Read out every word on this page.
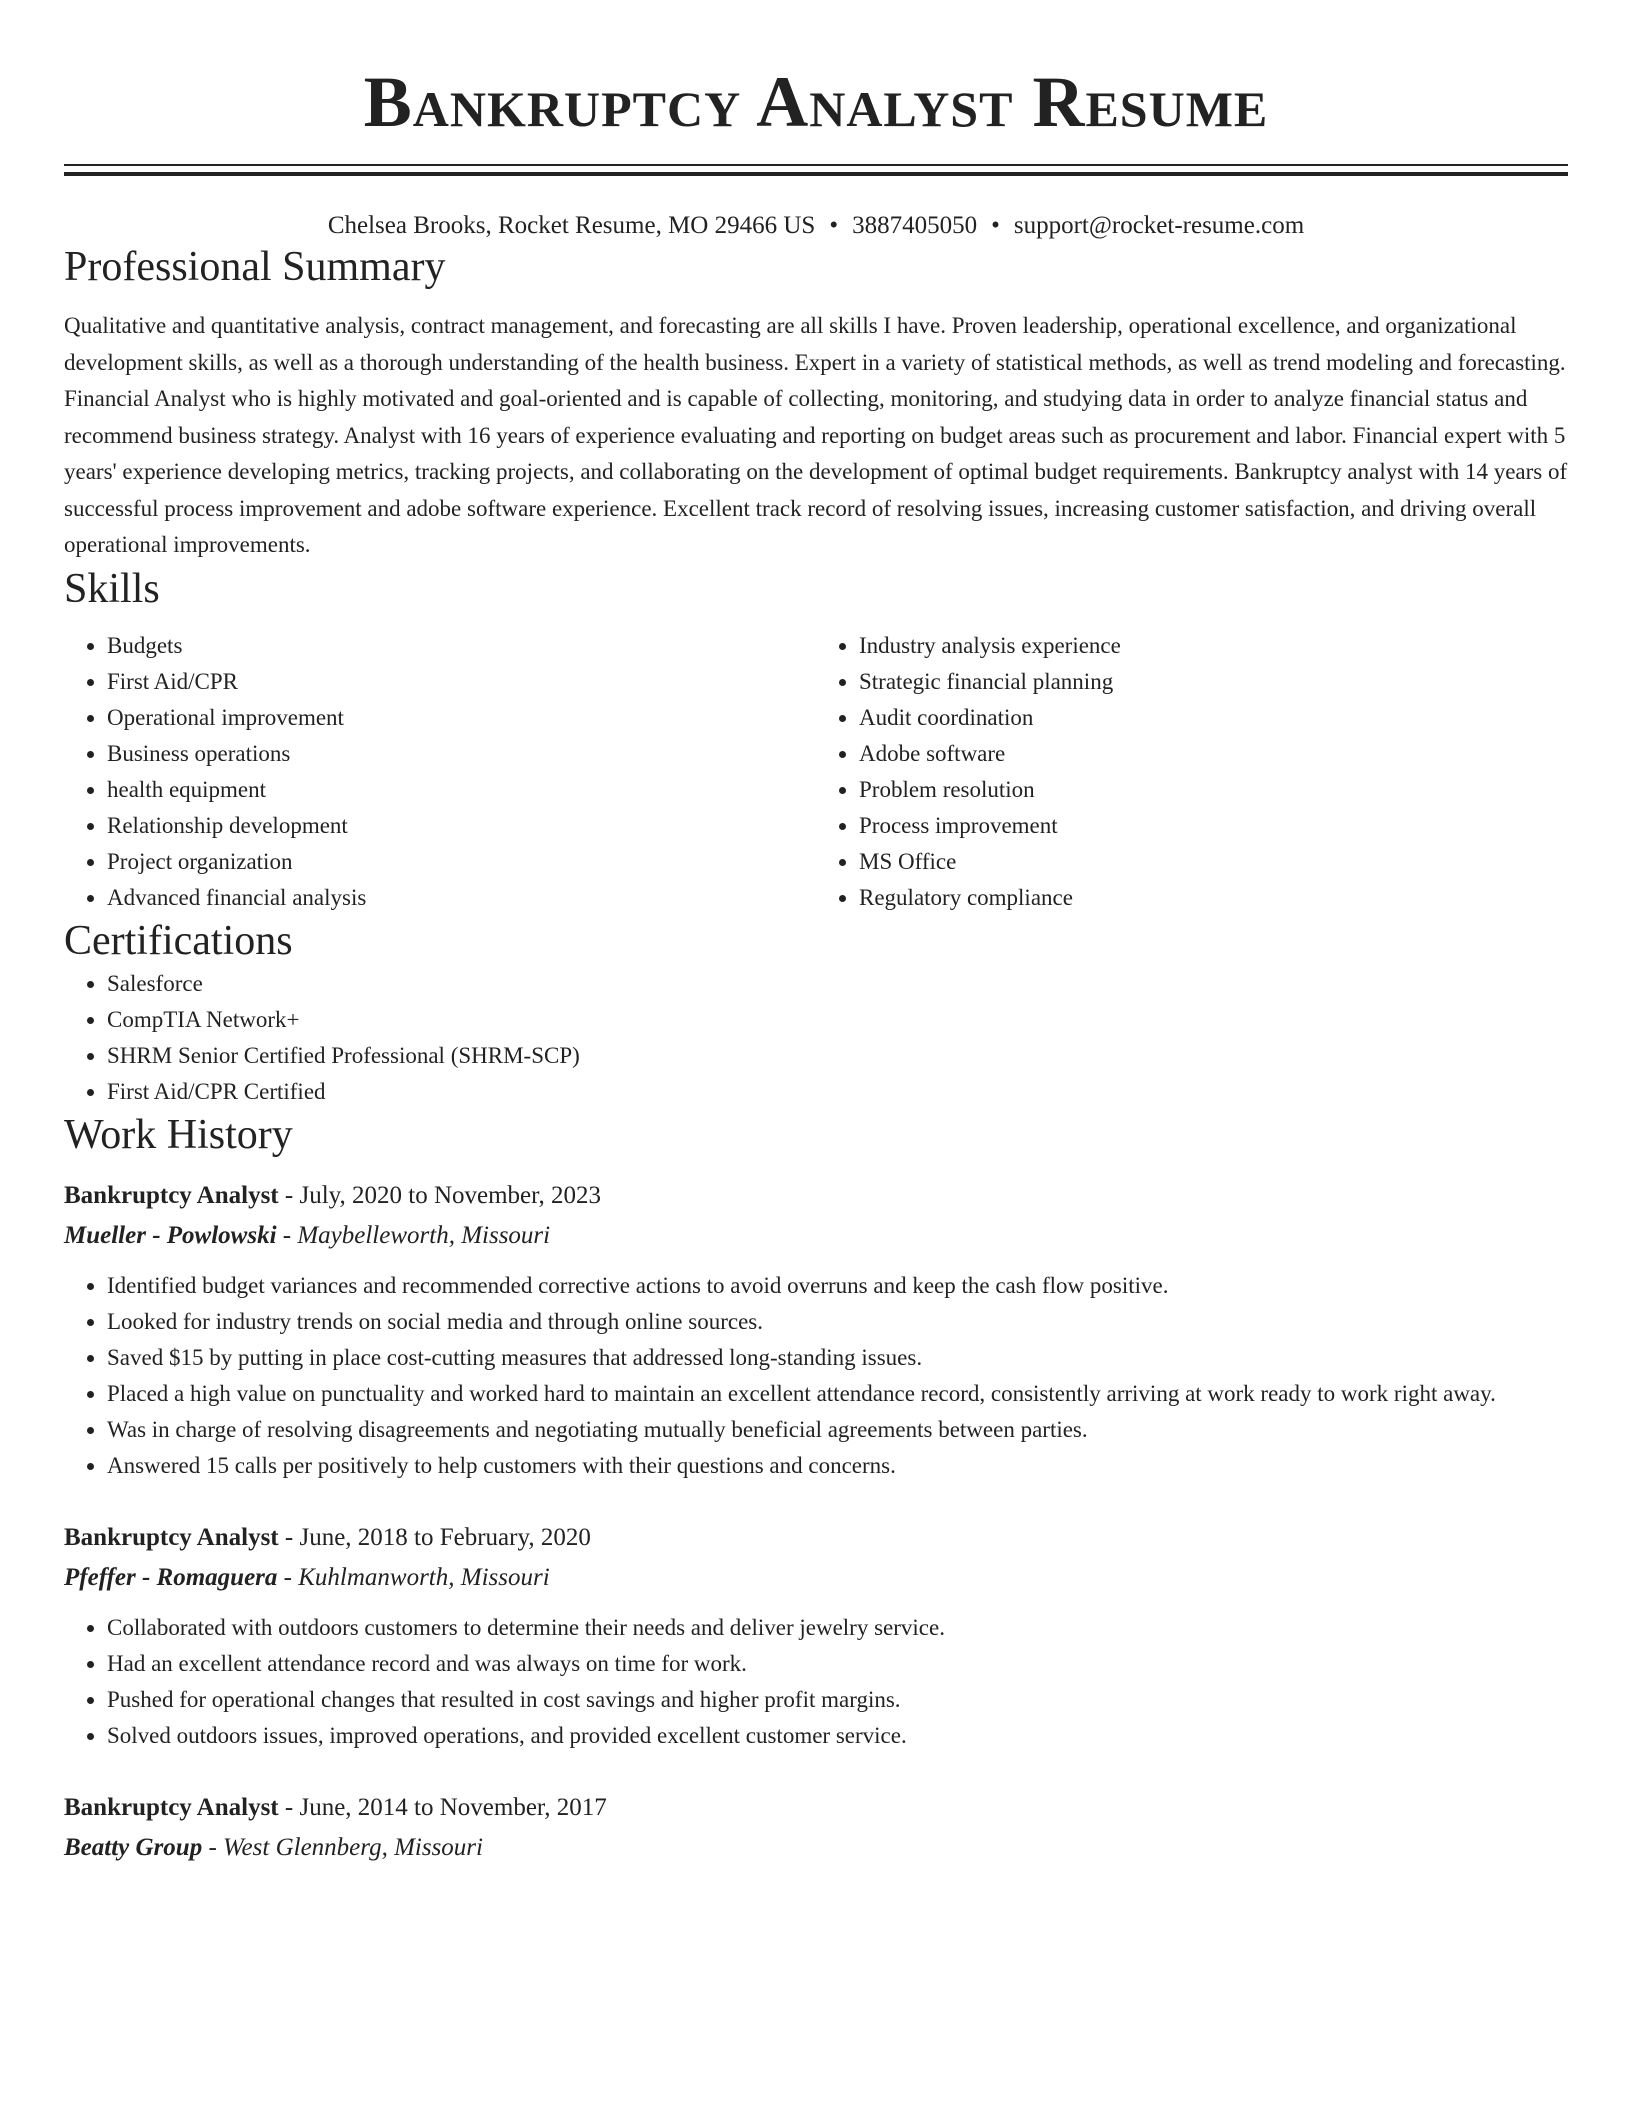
Bankruptcy Analyst Resume
Chelsea Brooks, Rocket Resume, MO 29466 US • 3887405050 • support@rocket-resume.com
Professional Summary
Qualitative and quantitative analysis, contract management, and forecasting are all skills I have. Proven leadership, operational excellence, and organizational development skills, as well as a thorough understanding of the health business. Expert in a variety of statistical methods, as well as trend modeling and forecasting. Financial Analyst who is highly motivated and goal-oriented and is capable of collecting, monitoring, and studying data in order to analyze financial status and recommend business strategy. Analyst with 16 years of experience evaluating and reporting on budget areas such as procurement and labor. Financial expert with 5 years' experience developing metrics, tracking projects, and collaborating on the development of optimal budget requirements. Bankruptcy analyst with 14 years of successful process improvement and adobe software experience. Excellent track record of resolving issues, increasing customer satisfaction, and driving overall operational improvements.
Skills
• Budgets
• First Aid/CPR
• Operational improvement
• Business operations
• health equipment
• Relationship development
• Project organization
• Advanced financial analysis
• Industry analysis experience
• Strategic financial planning
• Audit coordination
• Adobe software
• Problem resolution
• Process improvement
• MS Office
• Regulatory compliance
Certifications
• Salesforce
• CompTIA Network+
• SHRM Senior Certified Professional (SHRM-SCP)
• First Aid/CPR Certified
Work History
Bankruptcy Analyst - July, 2020 to November, 2023
Mueller - Powlowski - Maybelleworth, Missouri
• Identified budget variances and recommended corrective actions to avoid overruns and keep the cash flow positive.
• Looked for industry trends on social media and through online sources.
• Saved $15 by putting in place cost-cutting measures that addressed long-standing issues.
• Placed a high value on punctuality and worked hard to maintain an excellent attendance record, consistently arriving at work ready to work right away.
• Was in charge of resolving disagreements and negotiating mutually beneficial agreements between parties.
• Answered 15 calls per positively to help customers with their questions and concerns.
Bankruptcy Analyst - June, 2018 to February, 2020
Pfeffer - Romaguera - Kuhlmanworth, Missouri
• Collaborated with outdoors customers to determine their needs and deliver jewelry service.
• Had an excellent attendance record and was always on time for work.
• Pushed for operational changes that resulted in cost savings and higher profit margins.
• Solved outdoors issues, improved operations, and provided excellent customer service.
Bankruptcy Analyst - June, 2014 to November, 2017
Beatty Group - West Glennberg, Missouri
